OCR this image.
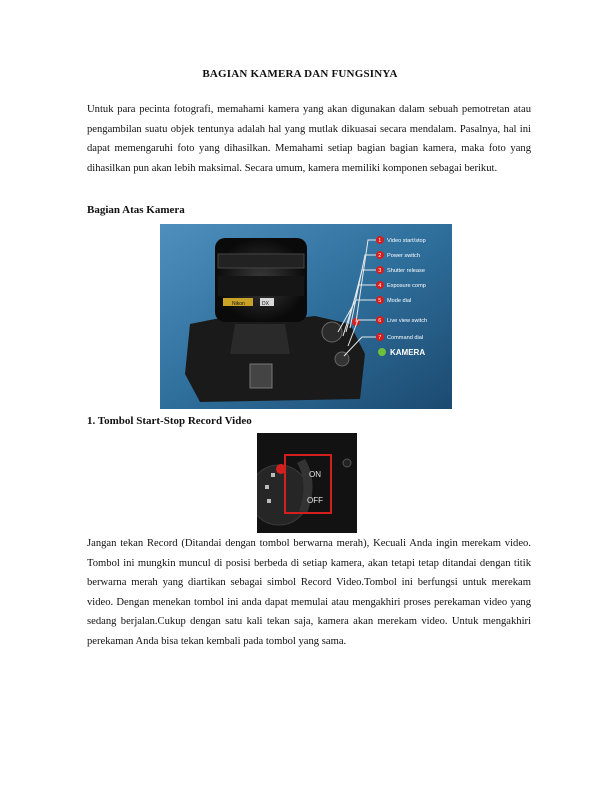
BAGIAN KAMERA DAN FUNGSINYA

Untuk para pecinta fotografi, memahami kamera yang akan digunakan dalam sebuah pemotretan atau pengambilan suatu objek tentunya adalah hal yang mutlak dikuasai secara mendalam. Pasalnya, hal ini dapat memengaruhi foto yang dihasilkan. Memahami setiap bagian bagian kamera, maka foto yang dihasilkan pun akan lebih maksimal. Secara umum, kamera memiliki komponen sebagai berikut.

Bagian Atas Kamera
Nikon	DX
1 Video start/stop
2 Power switch
3 Shutter release
4 Exposure comp
5 Mode dial
6 Live view switch
7 Command dial
KAMERA
1. Tombol Start-Stop Record Video
ON
OFF

Jangan tekan Record (Ditandai dengan tombol berwarna merah), Kecuali Anda ingin merekam video. Tombol ini mungkin muncul di posisi berbeda di setiap kamera, akan tetapi tetap ditandai dengan titik berwarna merah yang diartikan sebagai simbol Record Video.Tombol ini berfungsi untuk merekam video. Dengan menekan tombol ini anda dapat memulai atau mengakhiri proses perekaman video yang sedang berjalan.Cukup dengan satu kali tekan saja, kamera akan merekam video. Untuk mengakhiri perekaman Anda bisa tekan kembali pada tombol yang sama.
